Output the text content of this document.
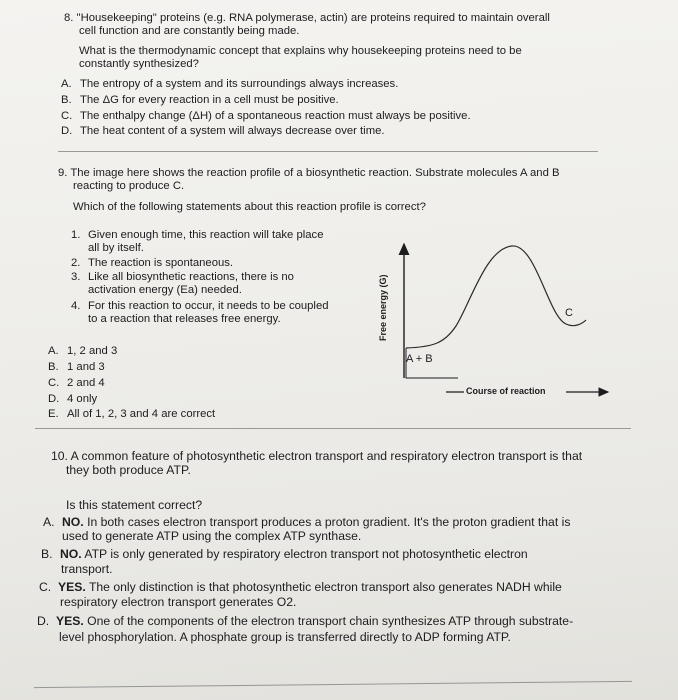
8. "Housekeeping" proteins (e.g. RNA polymerase, actin) are proteins required to maintain overall
cell function and are constantly being made.
What is the thermodynamic concept that explains why housekeeping proteins need to be
constantly synthesized?
A. The entropy of a system and its surroundings always increases.
B. The ΔG for every reaction in a cell must be positive.
C. The enthalpy change (ΔH) of a spontaneous reaction must always be positive.
D. The heat content of a system will always decrease over time.
9. The image here shows the reaction profile of a biosynthetic reaction. Substrate molecules A and B
reacting to produce C.
Which of the following statements about this reaction profile is correct?
1. Given enough time, this reaction will take place
all by itself.
2. The reaction is spontaneous.
3. Like all biosynthetic reactions, there is no
activation energy (Ea) needed.
4. For this reaction to occur, it needs to be coupled
to a reaction that releases free energy.
A. 1, 2 and 3
B. 1 and 3
C. 2 and 4
D. 4 only
E. All of 1, 2, 3 and 4 are correct
Free energy (G)
A + B
C
Course of reaction
10. A common feature of photosynthetic electron transport and respiratory electron transport is that
they both produce ATP.
Is this statement correct?
A. NO. In both cases electron transport produces a proton gradient. It's the proton gradient that is
used to generate ATP using the complex ATP synthase.
B. NO. ATP is only generated by respiratory electron transport not photosynthetic electron
transport.
C. YES. The only distinction is that photosynthetic electron transport also generates NADH while
respiratory electron transport generates O2.
D. YES. One of the components of the electron transport chain synthesizes ATP through substrate-
level phosphorylation. A phosphate group is transferred directly to ADP forming ATP.
